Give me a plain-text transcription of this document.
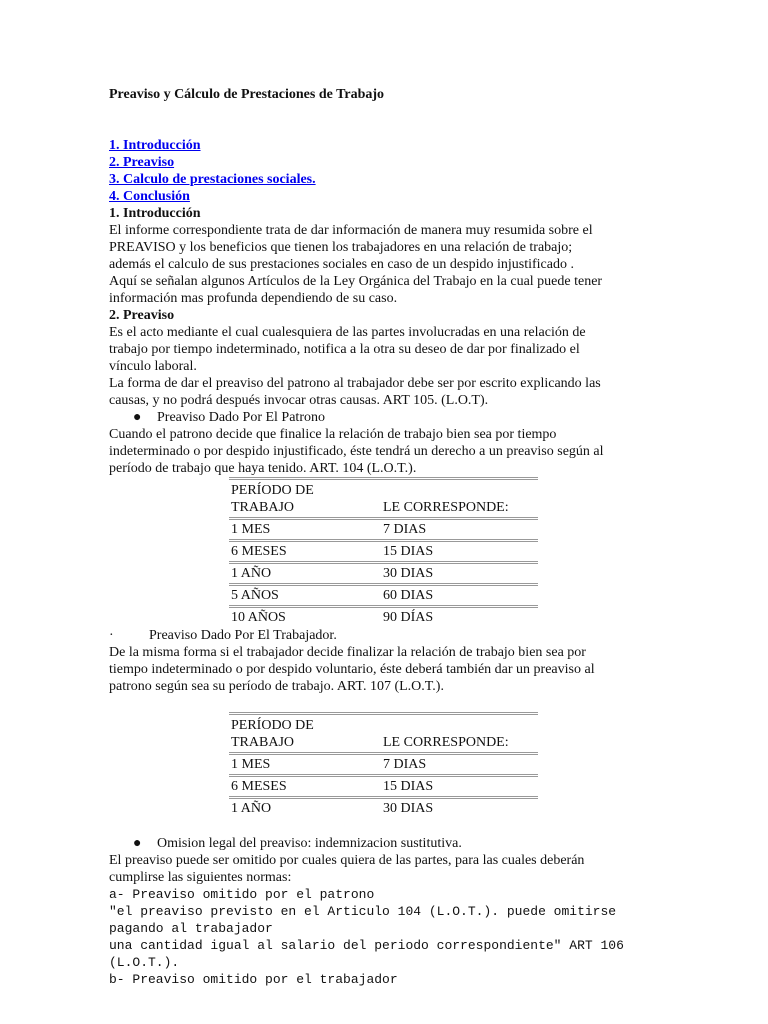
Preaviso y Cálculo de Prestaciones de Trabajo

1. Introducción
2. Preaviso
3. Calculo de prestaciones sociales.
4. Conclusión

1. Introducción

El informe correspondiente trata de dar información de manera muy resumida sobre el

PREAVISO y los beneficios que tienen los trabajadores en una relación de trabajo;

además el calculo de sus prestaciones sociales en caso de un despido injustificado .

Aquí se señalan algunos Artículos de la Ley Orgánica del Trabajo en la cual puede tener

información mas profunda dependiendo de su caso.

2. Preaviso

Es el acto mediante el cual cualesquiera de las partes involucradas en una relación de

trabajo por tiempo indeterminado, notifica a la otra su deseo de dar por finalizado el

vínculo laboral.

La forma de dar el preaviso del patrono al trabajador debe ser por escrito explicando las

causas, y no podrá después invocar otras causas. ART 105. (L.O.T).

● Preaviso Dado Por El Patrono

Cuando el patrono decide que finalice la relación de trabajo bien sea por tiempo

indeterminado o por despido injustificado, éste tendrá un derecho a un preaviso según al

período de trabajo que haya tenido. ART. 104 (L.O.T.).

PERÍODO DE
TRABAJO	LE CORRESPONDE:
1 MES	7 DIAS
6 MESES	15 DIAS
1 AÑO	30 DIAS
5 AÑOS	60 DIAS
10 AÑOS	90 DÍAS
·	Preaviso Dado Por El Trabajador.

De la misma forma si el trabajador decide finalizar la relación de trabajo bien sea por

tiempo indeterminado o por despido voluntario, éste deberá también dar un preaviso al

patrono según sea su período de trabajo. ART. 107 (L.O.T.).

PERÍODO DE
TRABAJO	LE CORRESPONDE:
1 MES	7 DIAS
6 MESES	15 DIAS
1 AÑO	30 DIAS
● Omision legal del preaviso: indemnizacion sustitutiva.

El preaviso puede ser omitido por cuales quiera de las partes, para las cuales deberán

cumplirse las siguientes normas:

a- Preaviso omitido por el patrono

"el preaviso previsto en el Articulo 104 (L.O.T.). puede omitirse pagando al trabajador

una cantidad igual al salario del periodo correspondiente" ART 106 (L.O.T.).

b- Preaviso omitido por el trabajador
